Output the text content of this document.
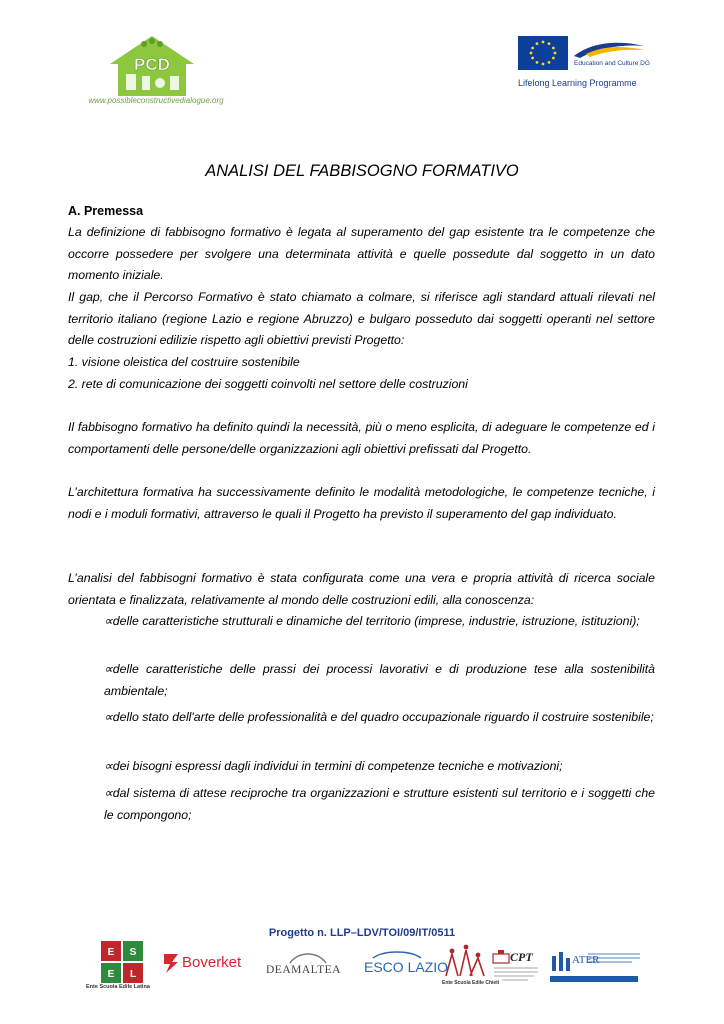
PCD
www.possibleconstructivedialogue.org
Education and Culture DG
Lifelong Learning Programme
ANALISI DEL FABBISOGNO FORMATIVO
A. Premessa

La definizione di fabbisogno formativo è legata al superamento del gap esistente tra le competenze che occorre possedere per svolgere una determinata attività e quelle possedute dal soggetto in un dato momento iniziale.

Il gap, che il Percorso Formativo è stato chiamato a colmare, si riferisce agli standard attuali rilevati nel territorio italiano (regione Lazio e regione Abruzzo) e bulgaro posseduto dai soggetti operanti nel settore delle costruzioni edilizie rispetto agli obiettivi previsti Progetto:

1. visione oleistica del costruire sostenibile

2. rete di comunicazione dei soggetti coinvolti nel settore delle costruzioni

Il fabbisogno formativo ha definito quindi la necessità, più o meno esplicita, di adeguare le competenze ed i comportamenti delle persone/delle organizzazioni agli obiettivi prefissati dal Progetto.

L’architettura formativa ha successivamente definito le modalità metodologiche, le competenze tecniche, i nodi e i moduli formativi, attraverso le quali il Progetto ha previsto il superamento del gap individuato.

L’analisi del fabbisogni formativo è stata configurata come una vera e propria attività di ricerca sociale orientata e finalizzata, relativamente al mondo delle costruzioni edili, alla conoscenza:

∝delle caratteristiche strutturali e dinamiche del territorio (imprese, industrie, istruzione, istituzioni);

∝delle caratteristiche delle prassi dei processi lavorativi e di produzione tese alla sostenibilità ambientale;

∝dello stato dell'arte delle professionalità e del quadro occupazionale riguardo il costruire sostenibile;

∝dei bisogni espressi dagli individui in termini di competenze tecniche e motivazioni;

∝dal sistema di attese reciproche tra organizzazioni e strutture esistenti sul territorio e i soggetti che le compongono;

Progetto n. LLP–LDV/TOI/09/IT/0511
E S
E L
Ente Scuola Edile Latina
Boverket DEAMALTEA ESCO LAZIO
Ente Scuola Edile Chieti
CPT	ATER
